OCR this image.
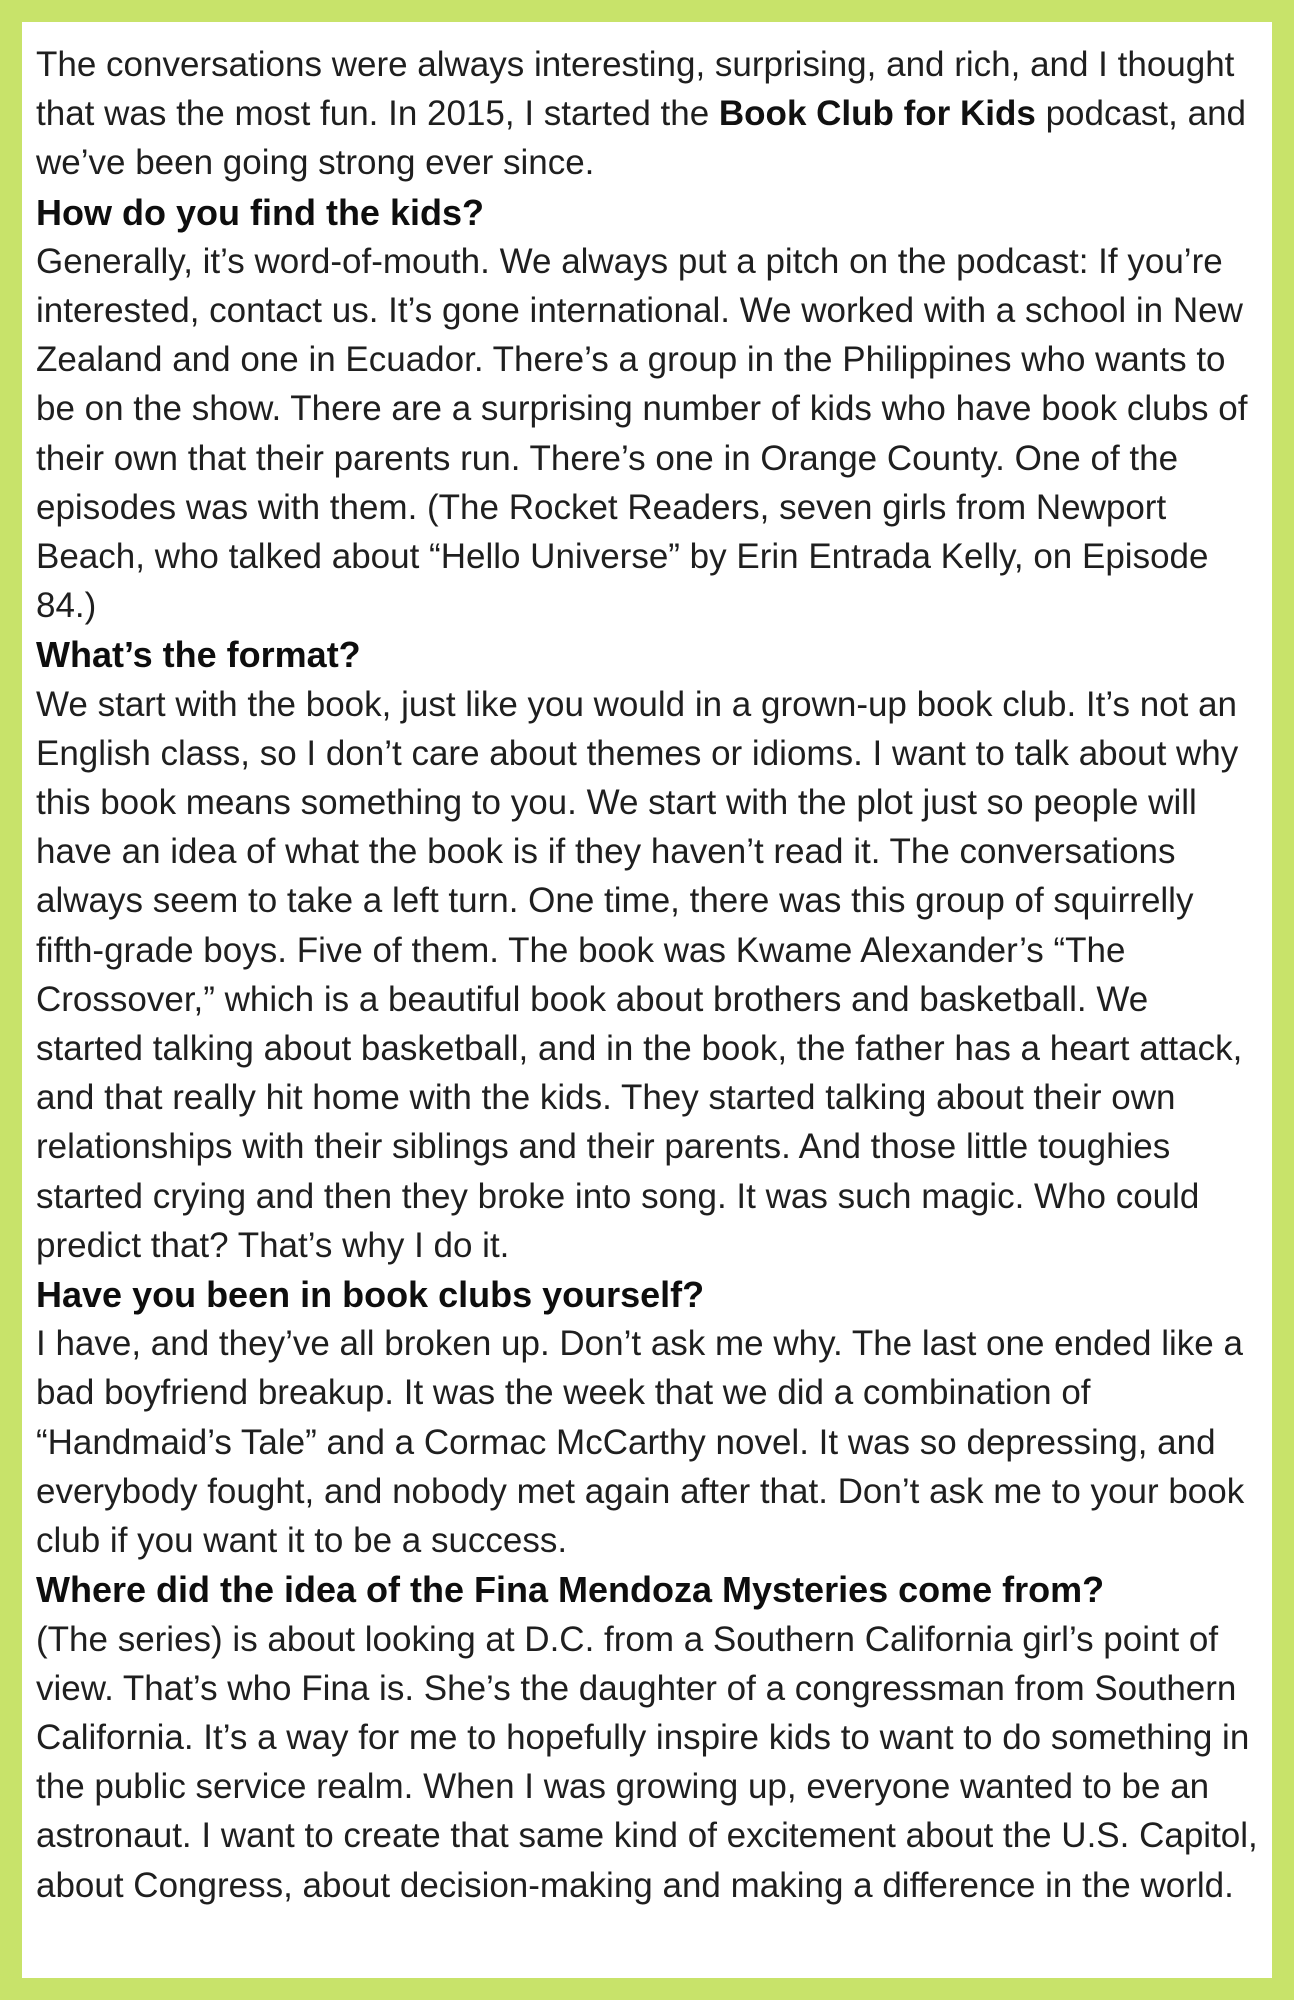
The conversations were always interesting, surprising, and rich, and I thought that was the most fun. In 2015, I started the Book Club for Kids podcast, and we’ve been going strong ever since.

How do you find the kids?

Generally, it’s word-of-mouth. We always put a pitch on the podcast: If you’re interested, contact us. It’s gone international. We worked with a school in New Zealand and one in Ecuador. There’s a group in the Philippines who wants to be on the show. There are a surprising number of kids who have book clubs of their own that their parents run. There’s one in Orange County. One of the episodes was with them. (The Rocket Readers, seven girls from Newport Beach, who talked about “Hello Universe” by Erin Entrada Kelly, on Episode 84.)

What’s the format?

We start with the book, just like you would in a grown-up book club. It’s not an English class, so I don’t care about themes or idioms. I want to talk about why this book means something to you. We start with the plot just so people will have an idea of what the book is if they haven’t read it. The conversations always seem to take a left turn. One time, there was this group of squirrelly fifth-grade boys. Five of them. The book was Kwame Alexander’s “The Crossover,” which is a beautiful book about brothers and basketball. We started talking about basketball, and in the book, the father has a heart attack, and that really hit home with the kids. They started talking about their own relationships with their siblings and their parents. And those little toughies started crying and then they broke into song. It was such magic. Who could predict that? That’s why I do it.

Have you been in book clubs yourself?

I have, and they’ve all broken up. Don’t ask me why. The last one ended like a bad boyfriend breakup. It was the week that we did a combination of “Handmaid’s Tale” and a Cormac McCarthy novel. It was so depressing, and everybody fought, and nobody met again after that. Don’t ask me to your book club if you want it to be a success.

Where did the idea of the Fina Mendoza Mysteries come from?

(The series) is about looking at D.C. from a Southern California girl’s point of view. That’s who Fina is. She’s the daughter of a congressman from Southern California. It’s a way for me to hopefully inspire kids to want to do something in the public service realm. When I was growing up, everyone wanted to be an astronaut. I want to create that same kind of excitement about the U.S. Capitol, about Congress, about decision-making and making a difference in the world.
